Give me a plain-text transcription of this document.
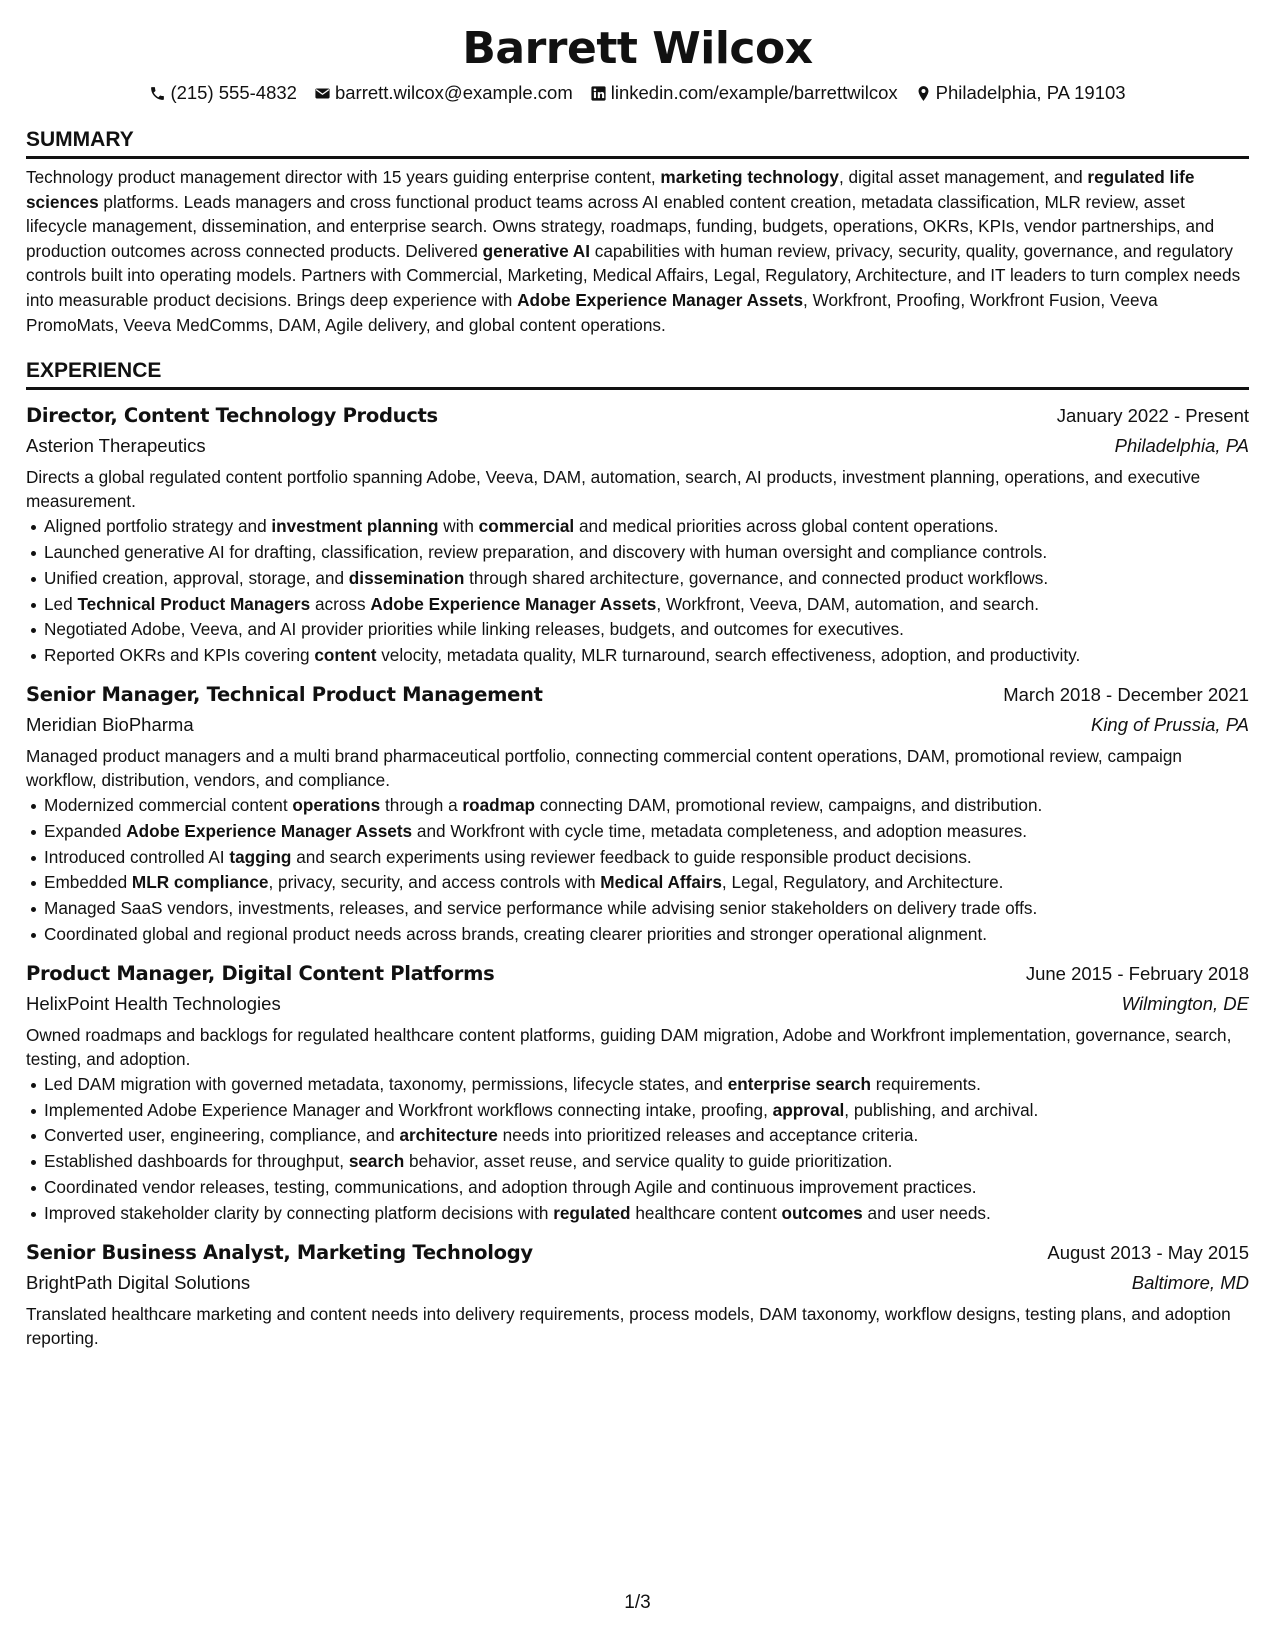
Barrett Wilcox
(215) 555-4832 barrett.wilcox@example.com linkedin.com/example/barrettwilcox Philadelphia, PA 19103
SUMMARY

Technology product management director with 15 years guiding enterprise content, marketing technology, digital asset management, and regulated life sciences platforms. Leads managers and cross functional product teams across AI enabled content creation, metadata classification, MLR review, asset lifecycle management, dissemination, and enterprise search. Owns strategy, roadmaps, funding, budgets, operations, OKRs, KPIs, vendor partnerships, and production outcomes across connected products. Delivered generative AI capabilities with human review, privacy, security, quality, governance, and regulatory controls built into operating models. Partners with Commercial, Marketing, Medical Affairs, Legal, Regulatory, Architecture, and IT leaders to turn complex needs into measurable product decisions. Brings deep experience with Adobe Experience Manager Assets, Workfront, Proofing, Workfront Fusion, Veeva PromoMats, Veeva MedComms, DAM, Agile delivery, and global content operations.

EXPERIENCE
Director, Content Technology Products	January 2022 - Present
Asterion Therapeutics	Philadelphia, PA

Directs a global regulated content portfolio spanning Adobe, Veeva, DAM, automation, search, AI products, investment planning, operations, and executive measurement.

Aligned portfolio strategy and investment planning with commercial and medical priorities across global content operations.
Launched generative AI for drafting, classification, review preparation, and discovery with human oversight and compliance controls.
Unified creation, approval, storage, and dissemination through shared architecture, governance, and connected product workflows.
Led Technical Product Managers across Adobe Experience Manager Assets, Workfront, Veeva, DAM, automation, and search.
Negotiated Adobe, Veeva, and AI provider priorities while linking releases, budgets, and outcomes for executives.
Reported OKRs and KPIs covering content velocity, metadata quality, MLR turnaround, search effectiveness, adoption, and productivity.
Senior Manager, Technical Product Management	March 2018 - December 2021
Meridian BioPharma	King of Prussia, PA

Managed product managers and a multi brand pharmaceutical portfolio, connecting commercial content operations, DAM, promotional review, campaign workflow, distribution, vendors, and compliance.

Modernized commercial content operations through a roadmap connecting DAM, promotional review, campaigns, and distribution.
Expanded Adobe Experience Manager Assets and Workfront with cycle time, metadata completeness, and adoption measures.
Introduced controlled AI tagging and search experiments using reviewer feedback to guide responsible product decisions.
Embedded MLR compliance, privacy, security, and access controls with Medical Affairs, Legal, Regulatory, and Architecture.
Managed SaaS vendors, investments, releases, and service performance while advising senior stakeholders on delivery trade offs.
Coordinated global and regional product needs across brands, creating clearer priorities and stronger operational alignment.
Product Manager, Digital Content Platforms	June 2015 - February 2018
HelixPoint Health Technologies	Wilmington, DE

Owned roadmaps and backlogs for regulated healthcare content platforms, guiding DAM migration, Adobe and Workfront implementation, governance, search, testing, and adoption.

Led DAM migration with governed metadata, taxonomy, permissions, lifecycle states, and enterprise search requirements.
Implemented Adobe Experience Manager and Workfront workflows connecting intake, proofing, approval, publishing, and archival.
Converted user, engineering, compliance, and architecture needs into prioritized releases and acceptance criteria.
Established dashboards for throughput, search behavior, asset reuse, and service quality to guide prioritization.
Coordinated vendor releases, testing, communications, and adoption through Agile and continuous improvement practices.
Improved stakeholder clarity by connecting platform decisions with regulated healthcare content outcomes and user needs.
Senior Business Analyst, Marketing Technology	August 2013 - May 2015
BrightPath Digital Solutions	Baltimore, MD

Translated healthcare marketing and content needs into delivery requirements, process models, DAM taxonomy, workflow designs, testing plans, and adoption reporting.

1/3
